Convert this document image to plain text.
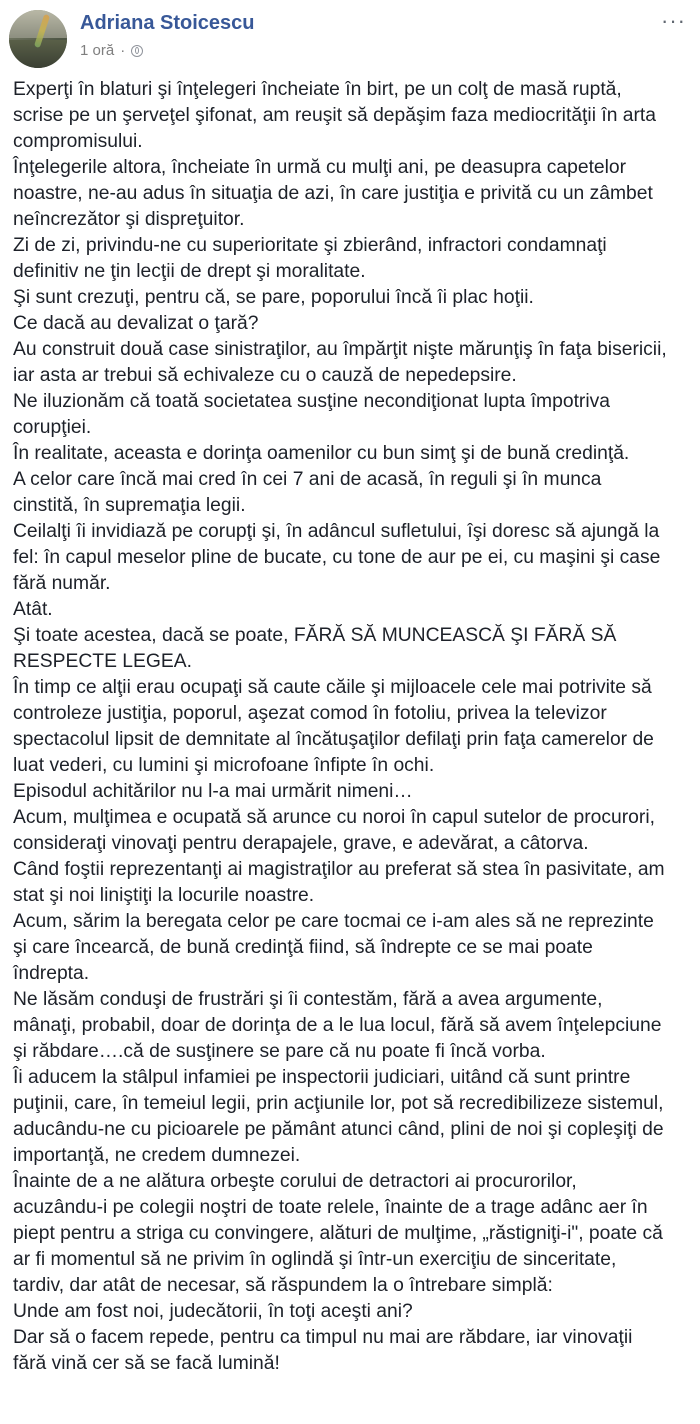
Adriana Stoicescu
1 oră ·
···
Experţi în blaturi şi înţelegeri încheiate în birt, pe un colţ de masă ruptă,
scrise pe un şerveţel şifonat, am reuşit să depăşim faza mediocrităţii în arta
compromisului.
Înţelegerile altora, încheiate în urmă cu mulţi ani, pe deasupra capetelor
noastre, ne-au adus în situaţia de azi, în care justiţia e privită cu un zâmbet
neîncrezător şi dispreţuitor.
Zi de zi, privindu-ne cu superioritate şi zbierând, infractori condamnaţi
definitiv ne ţin lecţii de drept şi moralitate.
Şi sunt crezuţi, pentru că, se pare, poporului încă îi plac hoţii.
Ce dacă au devalizat o ţară?
Au construit două case sinistraţilor, au împărţit nişte mărunţiş în faţa bisericii,
iar asta ar trebui să echivaleze cu o cauză de nepedepsire.
Ne iluzionăm că toată societatea susţine necondiţionat lupta împotriva
corupţiei.
În realitate, aceasta e dorinţa oamenilor cu bun simţ şi de bună credinţă.
A celor care încă mai cred în cei 7 ani de acasă, în reguli şi în munca
cinstită, în supremaţia legii.
Ceilalţi îi invidiază pe corupţi şi, în adâncul sufletului, îşi doresc să ajungă la
fel: în capul meselor pline de bucate, cu tone de aur pe ei, cu maşini şi case
fără număr.
Atât.
Şi toate acestea, dacă se poate, FĂRĂ SĂ MUNCEASCĂ ŞI FĂRĂ SĂ
RESPECTE LEGEA.
În timp ce alţii erau ocupaţi să caute căile şi mijloacele cele mai potrivite să
controleze justiţia, poporul, aşezat comod în fotoliu, privea la televizor
spectacolul lipsit de demnitate al încătuşaţilor defilaţi prin faţa camerelor de
luat vederi, cu lumini şi microfoane înfipte în ochi.
Episodul achitărilor nu l-a mai urmărit nimeni…
Acum, mulţimea e ocupată să arunce cu noroi în capul sutelor de procurori,
consideraţi vinovaţi pentru derapajele, grave, e adevărat, a câtorva.
Când foştii reprezentanţi ai magistraţilor au preferat să stea în pasivitate, am
stat şi noi liniştiţi la locurile noastre.
Acum, sărim la beregata celor pe care tocmai ce i-am ales să ne reprezinte
şi care încearcă, de bună credinţă fiind, să îndrepte ce se mai poate
îndrepta.
Ne lăsăm conduşi de frustrări şi îi contestăm, fără a avea argumente,
mânaţi, probabil, doar de dorinţa de a le lua locul, fără să avem înţelepciune
şi răbdare….că de susţinere se pare că nu poate fi încă vorba.
Îi aducem la stâlpul infamiei pe inspectorii judiciari, uitând că sunt printre
puţinii, care, în temeiul legii, prin acţiunile lor, pot să recredibilizeze sistemul,
aducându-ne cu picioarele pe pământ atunci când, plini de noi şi copleşiţi de
importanţă, ne credem dumnezei.
Înainte de a ne alătura orbeşte corului de detractori ai procurorilor,
acuzându-i pe colegii noştri de toate relele, înainte de a trage adânc aer în
piept pentru a striga cu convingere, alături de mulţime, „răstigniţi-i", poate că
ar fi momentul să ne privim în oglindă şi într-un exerciţiu de sinceritate,
tardiv, dar atât de necesar, să răspundem la o întrebare simplă:
Unde am fost noi, judecătorii, în toţi aceşti ani?
Dar să o facem repede, pentru ca timpul nu mai are răbdare, iar vinovaţii
fără vină cer să se facă lumină!
